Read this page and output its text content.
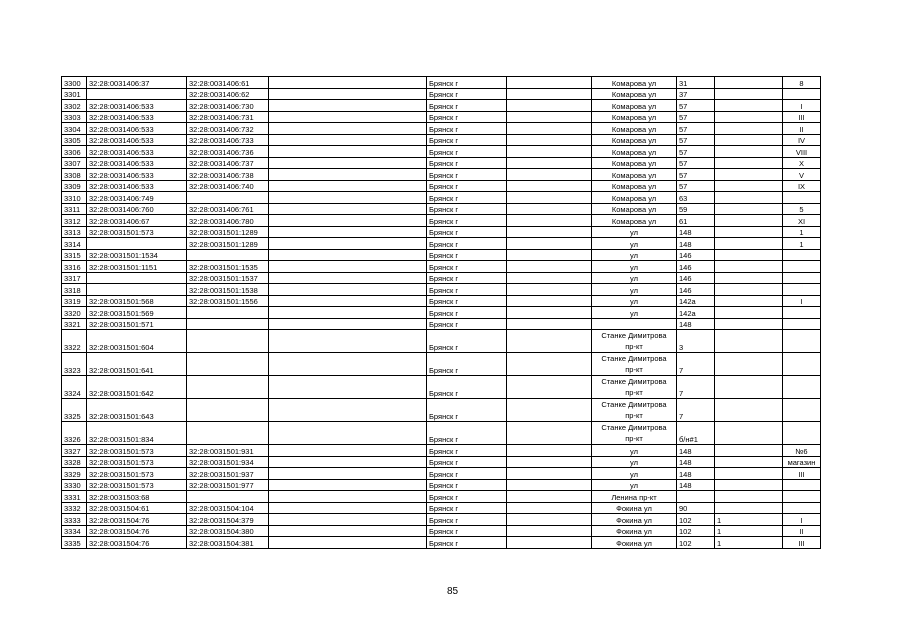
3300	32:28:0031406:37	32:28:0031406:61		Брянск г		Комарова ул	31		8
3301		32:28:0031406:62		Брянск г		Комарова ул	37		
3302	32:28:0031406:533	32:28:0031406:730		Брянск г		Комарова ул	57		I
3303	32:28:0031406:533	32:28:0031406:731		Брянск г		Комарова ул	57		III
3304	32:28:0031406:533	32:28:0031406:732		Брянск г		Комарова ул	57		II
3305	32:28:0031406:533	32:28:0031406:733		Брянск г		Комарова ул	57		IV
3306	32:28:0031406:533	32:28:0031406:736		Брянск г		Комарова ул	57		VIII
3307	32:28:0031406:533	32:28:0031406:737		Брянск г		Комарова ул	57		X
3308	32:28:0031406:533	32:28:0031406:738		Брянск г		Комарова ул	57		V
3309	32:28:0031406:533	32:28:0031406:740		Брянск г		Комарова ул	57		IX
3310	32:28:0031406:749			Брянск г		Комарова ул	63		
3311	32:28:0031406:760	32:28:0031406:761		Брянск г		Комарова ул	59		5
3312	32:28:0031406:67	32:28:0031406:780		Брянск г		Комарова ул	61		XI
3313	32:28:0031501:573	32:28:0031501:1289		Брянск г		ул	148		1
3314		32:28:0031501:1289		Брянск г		ул	148		1
3315	32:28:0031501:1534			Брянск г		ул	146		
3316	32:28:0031501:1151	32:28:0031501:1535		Брянск г		ул	146		
3317		32:28:0031501:1537		Брянск г		ул	146		
3318		32:28:0031501:1538		Брянск г		ул	146		
3319	32:28:0031501:568	32:28:0031501:1556		Брянск г		ул	142а		I
3320	32:28:0031501:569			Брянск г		ул	142а		
3321	32:28:0031501:571			Брянск г			148		
3322	32:28:0031501:604			Брянск г		Станке Димитрова
пр-кт	3		
3323	32:28:0031501:641			Брянск г		Станке Димитрова
пр-кт	7		
3324	32:28:0031501:642			Брянск г		Станке Димитрова
пр-кт	7		
3325	32:28:0031501:643			Брянск г		Станке Димитрова
пр-кт	7		
3326	32:28:0031501:834			Брянск г		Станке Димитрова
пр-кт	б/н#1		
3327	32:28:0031501:573	32:28:0031501:931		Брянск г		ул	148		№6
3328	32:28:0031501:573	32:28:0031501:934		Брянск г		ул	148		магазин
3329	32:28:0031501:573	32:28:0031501:937		Брянск г		ул	148		III
3330	32:28:0031501:573	32:28:0031501:977		Брянск г		ул	148		
3331	32:28:0031503:68			Брянск г		Ленина пр-кт			
3332	32:28:0031504:61	32:28:0031504:104		Брянск г		Фокина ул	90		
3333	32:28:0031504:76	32:28:0031504:379		Брянск г		Фокина ул	102	1	I
3334	32:28:0031504:76	32:28:0031504:380		Брянск г		Фокина ул	102	1	II
3335	32:28:0031504:76	32:28:0031504:381		Брянск г		Фокина ул	102	1	III
85
